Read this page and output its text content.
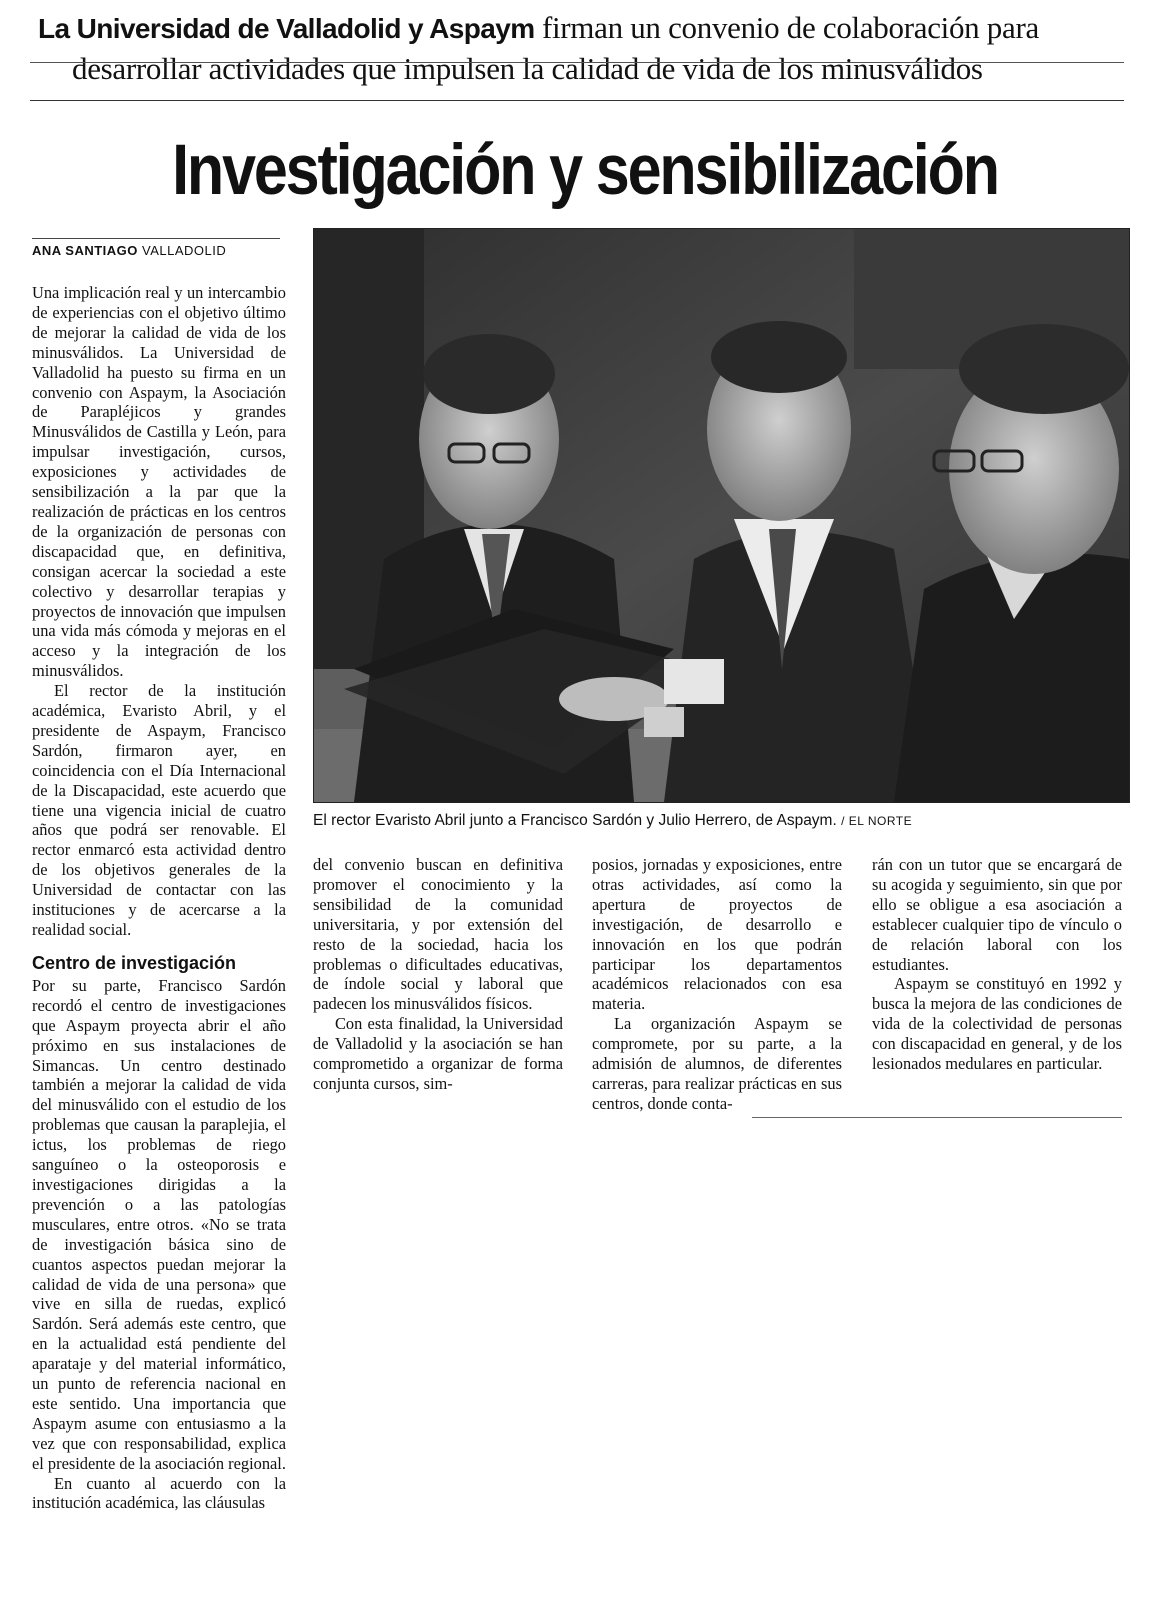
La Universidad de Valladolid y Aspaym firman un convenio de colaboración para
desarrollar actividades que impulsen la calidad de vida de los minusválidos
Investigación y sensibilización
ANA SANTIAGO VALLADOLID

Una implicación real y un intercambio de experiencias con el objetivo último de mejorar la calidad de vida de los minusválidos. La Universidad de Valladolid ha puesto su firma en un convenio con Aspaym, la Asociación de Parapléjicos y grandes Minusválidos de Castilla y León, para impulsar investigación, cursos, exposiciones y actividades de sensibilización a la par que la realización de prácticas en los centros de la organización de personas con discapacidad que, en definitiva, consigan acercar la sociedad a este colectivo y desarrollar terapias y proyectos de innovación que impulsen una vida más cómoda y mejoras en el acceso y la integración de los minusválidos.

El rector de la institución académica, Evaristo Abril, y el presidente de Aspaym, Francisco Sardón, firmaron ayer, en coincidencia con el Día Internacional de la Discapacidad, este acuerdo que tiene una vigencia inicial de cuatro años que podrá ser renovable. El rector enmarcó esta actividad dentro de los objetivos generales de la Universidad de contactar con las instituciones y de acercarse a la realidad social.

Centro de investigación

Por su parte, Francisco Sardón recordó el centro de investigaciones que Aspaym proyecta abrir el año próximo en sus instalaciones de Simancas. Un centro destinado también a mejorar la calidad de vida del minusválido con el estudio de los problemas que causan la paraplejia, el ictus, los problemas de riego sanguíneo o la osteoporosis e investigaciones dirigidas a la prevención o a las patologías musculares, entre otros. «No se trata de investigación básica sino de cuantos aspectos puedan mejorar la calidad de vida de una persona» que vive en silla de ruedas, explicó Sardón. Será además este centro, que en la actualidad está pendiente del aparataje y del material informático, un punto de referencia nacional en este sentido. Una importancia que Aspaym asume con entusiasmo a la vez que con responsabilidad, explica el presidente de la asociación regional.

En cuanto al acuerdo con la institución académica, las cláusulas

El rector Evaristo Abril junto a Francisco Sardón y Julio Herrero, de Aspaym. / EL NORTE

del convenio buscan en definitiva promover el conocimiento y la sensibilidad de la comunidad universitaria, y por extensión del resto de la sociedad, hacia los problemas o dificultades educativas, de índole social y laboral que padecen los minusválidos físicos.

Con esta finalidad, la Universidad de Valladolid y la asociación se han comprometido a organizar de forma conjunta cursos, sim-

posios, jornadas y exposiciones, entre otras actividades, así como la apertura de proyectos de investigación, de desarrollo e innovación en los que podrán participar los departamentos académicos relacionados con esa materia.

La organización Aspaym se compromete, por su parte, a la admisión de alumnos, de diferentes carreras, para realizar prácticas en sus centros, donde conta-

rán con un tutor que se encargará de su acogida y seguimiento, sin que por ello se obligue a esa asociación a establecer cualquier tipo de vínculo o de relación laboral con los estudiantes.

Aspaym se constituyó en 1992 y busca la mejora de las condiciones de vida de la colectividad de personas con discapacidad en general, y de los lesionados medulares en particular.
